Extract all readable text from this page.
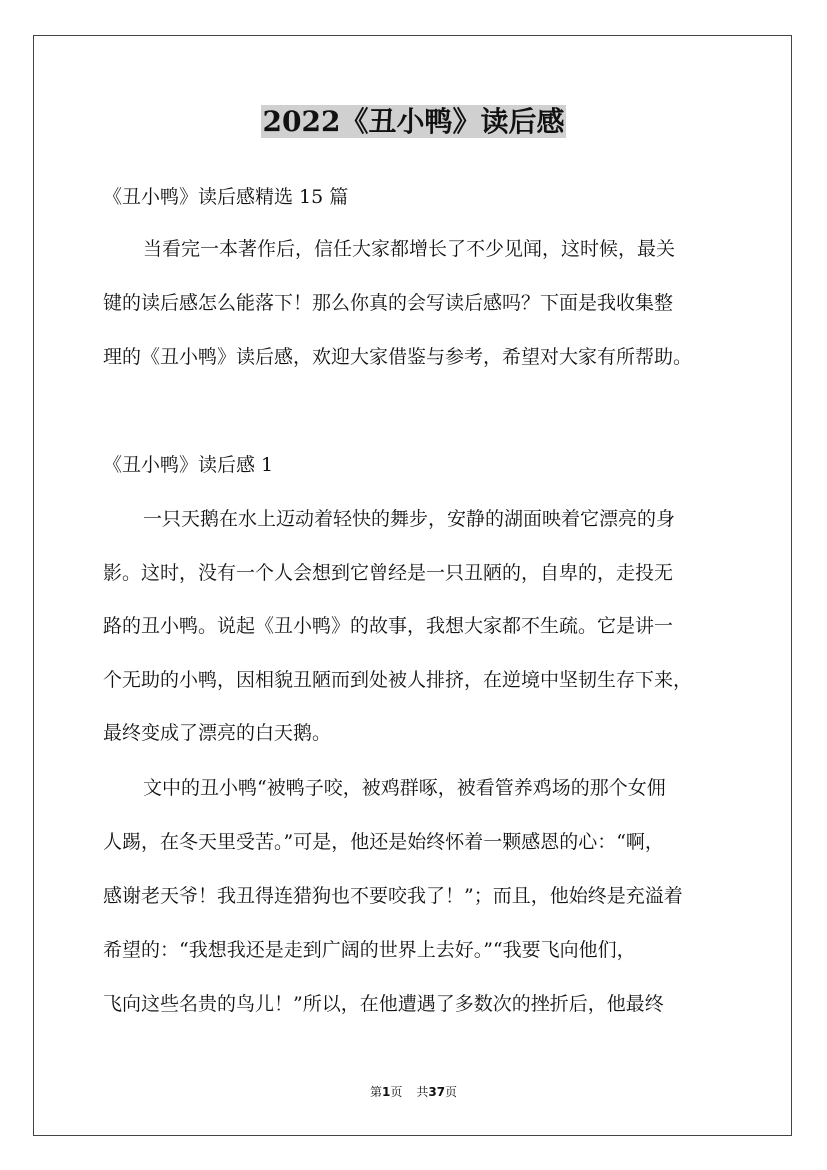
2022《丑小鸭》读后感
《丑小鸭》读后感精选 15 篇
当看完一本著作后，信任大家都增长了不少见闻，这时候，最关
键的读后感怎么能落下！那么你真的会写读后感吗？下面是我收集整
理的《丑小鸭》读后感，欢迎大家借鉴与参考，希望对大家有所帮助。
《丑小鸭》读后感 1
一只天鹅在水上迈动着轻快的舞步，安静的湖面映着它漂亮的身
影。这时，没有一个人会想到它曾经是一只丑陋的，自卑的，走投无
路的丑小鸭。说起《丑小鸭》的故事，我想大家都不生疏。它是讲一
个无助的小鸭，因相貌丑陋而到处被人排挤，在逆境中坚韧生存下来，
最终变成了漂亮的白天鹅。
文中的丑小鸭“被鸭子咬，被鸡群啄，被看管养鸡场的那个女佣
人踢，在冬天里受苦。”可是，他还是始终怀着一颗感恩的心：“啊，
感谢老天爷！我丑得连猎狗也不要咬我了！”；而且，他始终是充溢着
希望的：“我想我还是走到广阔的世界上去好。”“我要飞向他们，
飞向这些名贵的鸟儿！”所以，在他遭遇了多数次的挫折后，他最终
第1页 共37页
